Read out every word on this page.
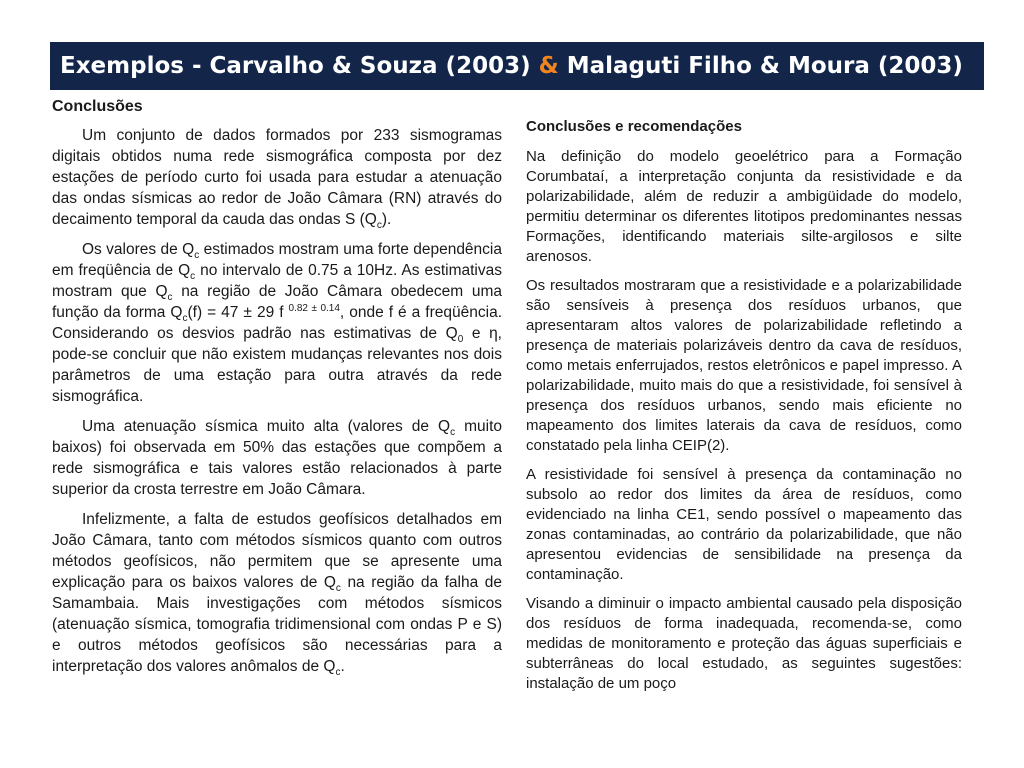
Exemplos - Carvalho & Souza (2003)
&
Malaguti Filho & Moura (2003)
Conclusões

Um conjunto de dados formados por 233 sismogramas digitais obtidos numa rede sismográfica composta por dez estações de período curto foi usada para estudar a atenuação das ondas sísmicas ao redor de João Câmara (RN) através do decaimento temporal da cauda das ondas S $(Q_c)$.

Os valores de $Q_c$ estimados mostram uma forte dependência em freqüência de $Q_c$ no intervalo de 0.75 a 10Hz. As estimativas mostram que $Q_c$ na região de João Câmara obedecem uma função da forma $Q_c(f) = 47 \pm 29$ f $^{0.82 \pm 0.14}$, onde f é a freqüência. Considerando os desvios padrão nas estimativas de $Q_0$ e η, pode-se concluir que não existem mudanças relevantes nos dois parâmetros de uma estação para outra através da rede sismográfica.

Uma atenuação sísmica muito alta (valores de $Q_c$ muito baixos) foi observada em 50% das estações que compõem a rede sismográfica e tais valores estão relacionados à parte superior da crosta terrestre em João Câmara.

Infelizmente, a falta de estudos geofísicos detalhados em João Câmara, tanto com métodos sísmicos quanto com outros métodos geofísicos, não permitem que se apresente uma explicação para os baixos valores de $Q_c$ na região da falha de Samambaia. Mais investigações com métodos sísmicos (atenuação sísmica, tomografia tridimensional com ondas P e S) e outros métodos geofísicos são necessárias para a interpretação dos valores anômalos de $Q_c$.

Conclusões e recomendações

Na definição do modelo geoelétrico para a Formação Corumbataí, a interpretação conjunta da resistividade e da polarizabilidade, além de reduzir a ambigüidade do modelo, permitiu determinar os diferentes litotipos predominantes nessas Formações, identificando materiais silte-argilosos e silte arenosos.

Os resultados mostraram que a resistividade e a polarizabilidade são sensíveis à presença dos resíduos urbanos, que apresentaram altos valores de polarizabilidade refletindo a presença de materiais polarizáveis dentro da cava de resíduos, como metais enferrujados, restos eletrônicos e papel impresso. A polarizabilidade, muito mais do que a resistividade, foi sensível à presença dos resíduos urbanos, sendo mais eficiente no mapeamento dos limites laterais da cava de resíduos, como constatado pela linha CEIP(2).

A resistividade foi sensível à presença da contaminação no subsolo ao redor dos limites da área de resíduos, como evidenciado na linha CE1, sendo possível o mapeamento das zonas contaminadas, ao contrário da polarizabilidade, que não apresentou evidencias de sensibilidade na presença da contaminação.

Visando a diminuir o impacto ambiental causado pela disposição dos resíduos de forma inadequada, recomenda-se, como medidas de monitoramento e proteção das águas superficiais e subterrâneas do local estudado, as seguintes sugestões: instalação de um poço
